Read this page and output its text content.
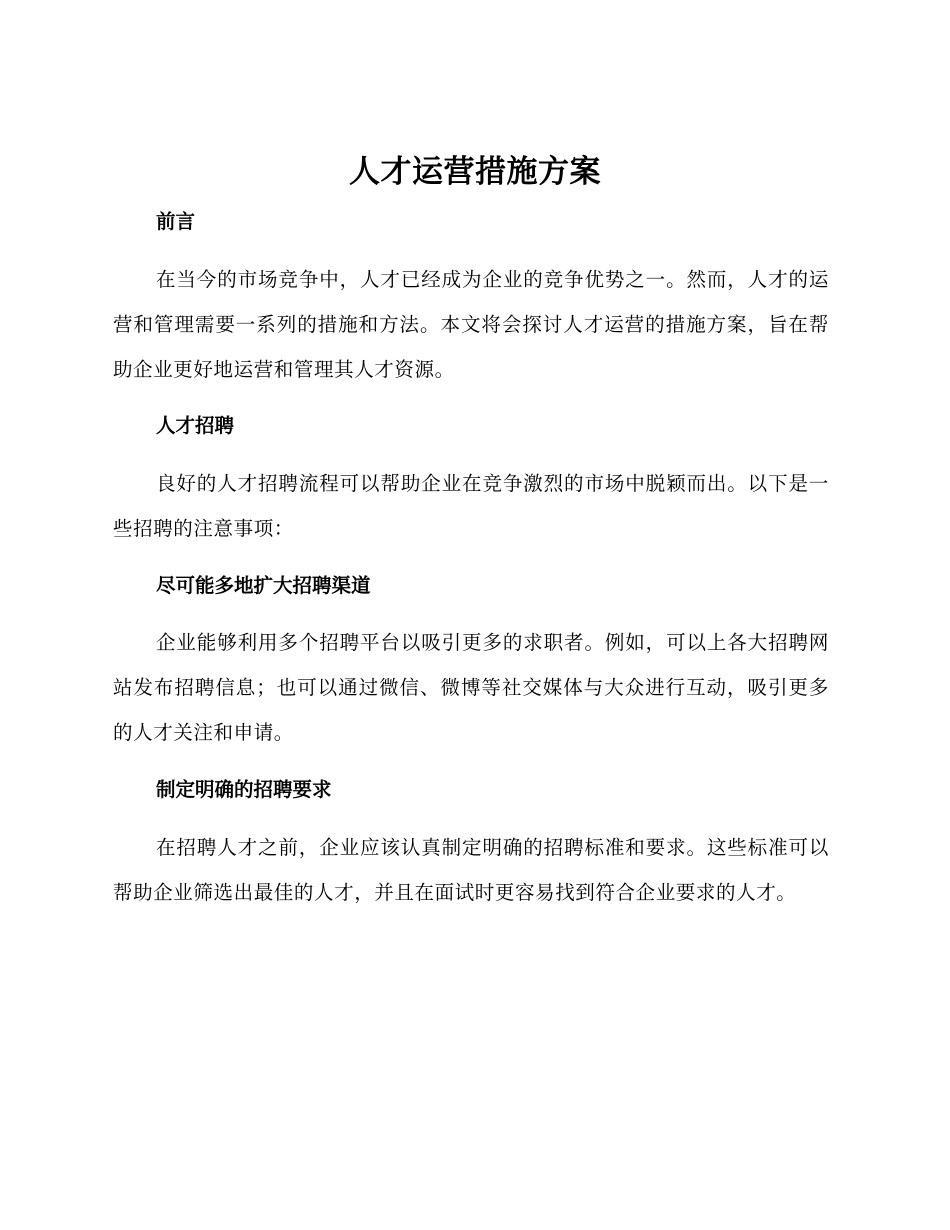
人才运营措施方案
前言

在当今的市场竞争中，人才已经成为企业的竞争优势之一。然而，人才的运营和管理需要一系列的措施和方法。本文将会探讨人才运营的措施方案，旨在帮助企业更好地运营和管理其人才资源。

人才招聘

良好的人才招聘流程可以帮助企业在竞争激烈的市场中脱颖而出。以下是一些招聘的注意事项：

尽可能多地扩大招聘渠道

企业能够利用多个招聘平台以吸引更多的求职者。例如，可以上各大招聘网站发布招聘信息；也可以通过微信、微博等社交媒体与大众进行互动，吸引更多的人才关注和申请。

制定明确的招聘要求

在招聘人才之前，企业应该认真制定明确的招聘标准和要求。这些标准可以帮助企业筛选出最佳的人才，并且在面试时更容易找到符合企业要求的人才。
